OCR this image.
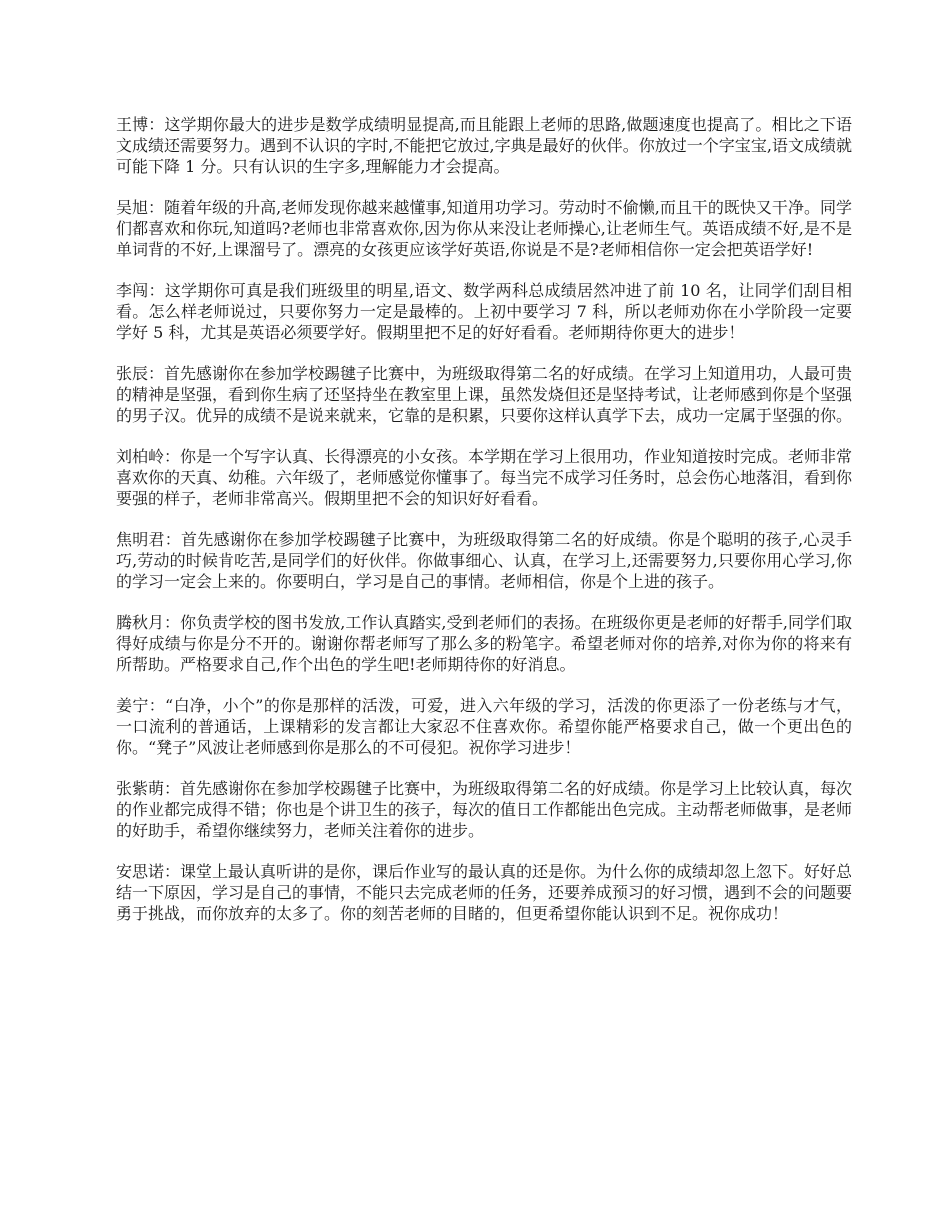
王博：这学期你最大的进步是数学成绩明显提高,而且能跟上老师的思路,做题速度也提高了。相比之下语文成绩还需要努力。遇到不认识的字时,不能把它放过,字典是最好的伙伴。你放过一个字宝宝,语文成绩就可能下降 1 分。只有认识的生字多,理解能力才会提高。

吴旭：随着年级的升高,老师发现你越来越懂事,知道用功学习。劳动时不偷懒,而且干的既快又干净。同学们都喜欢和你玩,知道吗?老师也非常喜欢你,因为你从来没让老师操心,让老师生气。英语成绩不好,是不是单词背的不好,上课溜号了。漂亮的女孩更应该学好英语,你说是不是?老师相信你一定会把英语学好!

李闯：这学期你可真是我们班级里的明星,语文、数学两科总成绩居然冲进了前 10 名，让同学们刮目相看。怎么样老师说过，只要你努力一定是最棒的。上初中要学习 7 科，所以老师劝你在小学阶段一定要学好 5 科，尤其是英语必须要学好。假期里把不足的好好看看。老师期待你更大的进步！

张辰：首先感谢你在参加学校踢毽子比赛中，为班级取得第二名的好成绩。在学习上知道用功，人最可贵的精神是坚强，看到你生病了还坚持坐在教室里上课，虽然发烧但还是坚持考试，让老师感到你是个坚强的男子汉。优异的成绩不是说来就来，它靠的是积累，只要你这样认真学下去，成功一定属于坚强的你。

刘柏岭：你是一个写字认真、长得漂亮的小女孩。本学期在学习上很用功，作业知道按时完成。老师非常喜欢你的天真、幼稚。六年级了，老师感觉你懂事了。每当完不成学习任务时，总会伤心地落泪，看到你要强的样子，老师非常高兴。假期里把不会的知识好好看看。

焦明君：首先感谢你在参加学校踢毽子比赛中，为班级取得第二名的好成绩。你是个聪明的孩子,心灵手巧,劳动的时候肯吃苦,是同学们的好伙伴。你做事细心、认真，在学习上,还需要努力,只要你用心学习,你的学习一定会上来的。你要明白，学习是自己的事情。老师相信，你是个上进的孩子。

腾秋月：你负责学校的图书发放,工作认真踏实,受到老师们的表扬。在班级你更是老师的好帮手,同学们取得好成绩与你是分不开的。谢谢你帮老师写了那么多的粉笔字。希望老师对你的培养,对你为你的将来有所帮助。严格要求自己,作个出色的学生吧!老师期待你的好消息。

姜宁：“白净，小个”的你是那样的活泼，可爱，进入六年级的学习，活泼的你更添了一份老练与才气，一口流利的普通话，上课精彩的发言都让大家忍不住喜欢你。希望你能严格要求自己，做一个更出色的你。“凳子”风波让老师感到你是那么的不可侵犯。祝你学习进步！

张紫萌：首先感谢你在参加学校踢毽子比赛中，为班级取得第二名的好成绩。你是学习上比较认真，每次的作业都完成得不错；你也是个讲卫生的孩子，每次的值日工作都能出色完成。主动帮老师做事，是老师的好助手，希望你继续努力，老师关注着你的进步。

安思诺：课堂上最认真听讲的是你，课后作业写的最认真的还是你。为什么你的成绩却忽上忽下。好好总结一下原因，学习是自己的事情，不能只去完成老师的任务，还要养成预习的好习惯，遇到不会的问题要勇于挑战，而你放弃的太多了。你的刻苦老师的目睹的，但更希望你能认识到不足。祝你成功！
